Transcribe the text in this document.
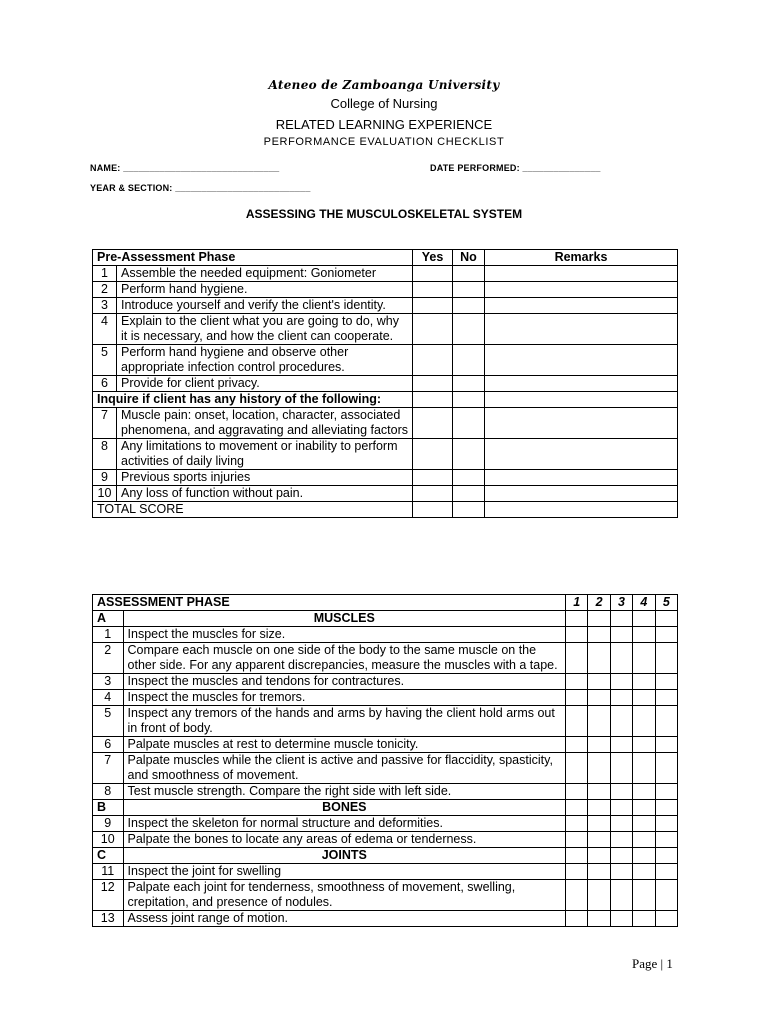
Ateneo de Zamboanga University
College of Nursing
RELATED LEARNING EXPERIENCE
PERFORMANCE EVALUATION CHECKLIST
NAME: ______________________________	DATE PERFORMED: _______________
YEAR & SECTION: __________________________
ASSESSING THE MUSCULOSKELETAL SYSTEM
Pre-Assessment Phase		Yes	No	Remarks
1	Assemble the needed equipment: Goniometer			
2	Perform hand hygiene.			
3	Introduce yourself and verify the client's identity.			
4	Explain to the client what you are going to do, why it is necessary, and how the client can cooperate.			
5	Perform hand hygiene and observe other appropriate infection control procedures.			
6	Provide for client privacy.			
Inquire if client has any history of the following:				
7	Muscle pain: onset, location, character, associated phenomena, and aggravating and alleviating factors			
8	Any limitations to movement or inability to perform activities of daily living			
9	Previous sports injuries			
10	Any loss of function without pain.			
TOTAL SCORE				
ASSESSMENT PHASE		1	2	3	4	5
A	MUSCLES					
1	Inspect the muscles for size.					
2	Compare each muscle on one side of the body to the same muscle on the other side. For any apparent discrepancies, measure the muscles with a tape.					
3	Inspect the muscles and tendons for contractures.					
4	Inspect the muscles for tremors.					
5	Inspect any tremors of the hands and arms by having the client hold arms out in front of body.					
6	Palpate muscles at rest to determine muscle tonicity.					
7	Palpate muscles while the client is active and passive for flaccidity, spasticity, and smoothness of movement.					
8	Test muscle strength. Compare the right side with left side.					
B	BONES					
9	Inspect the skeleton for normal structure and deformities.					
10	Palpate the bones to locate any areas of edema or tenderness.					
C	JOINTS					
11	Inspect the joint for swelling					
12	Palpate each joint for tenderness, smoothness of movement, swelling, crepitation, and presence of nodules.					
13	Assess joint range of motion.					
Page | 1
